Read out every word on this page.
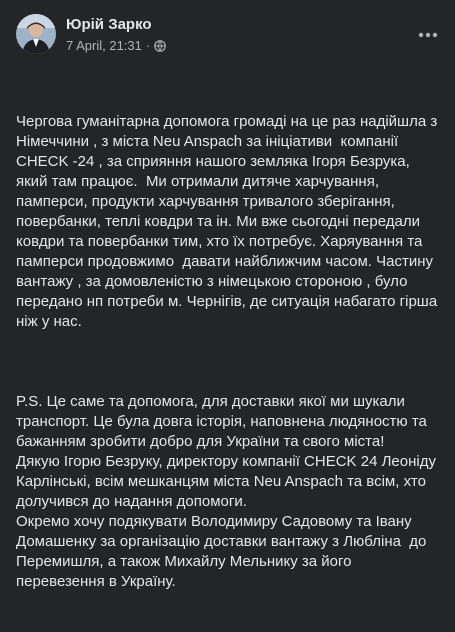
Юрій Зарко
7 April, 21:31 ·

Чергова гуманітарна допомога громаді на це раз надійшла з Німеччини , з міста Neu Anspach за ініціативи  компанії CHECK -24 , за сприяння нашого земляка Ігоря Безрука, який там працює.  Ми отримали дитяче харчування, памперси, продукти харчування тривалого зберігання, повербанки, теплі ковдри та ін. Ми вже сьогодні передали ковдри та повербанки тим, хто їх потребує. Харяування та памперси продовжимо  давати найближчим часом. Частину вантажу , за домовленістю з німецькою стороною , було передано нп потреби м. Чернігів, де ситуація набагато гірша ніж у нас.

P.S. Це саме та допомога, для доставки якої ми шукали транспорт. Це була довга історія, наповнена людяностю та бажанням зробити добро для України та свого міста!
Дякую Ігорю Безруку, директору компанії CHECK 24 Леоніду Карлінські, всім мешканцям міста Neu Anspach та всім, хто долучився до надання допомоги.
Окремо хочу подякувати Володимиру Садовому та Івану Домашенку за організацію доставки вантажу з Любліна  до Перемишля, а також Михайлу Мельнику за його перевезення в Україну.
